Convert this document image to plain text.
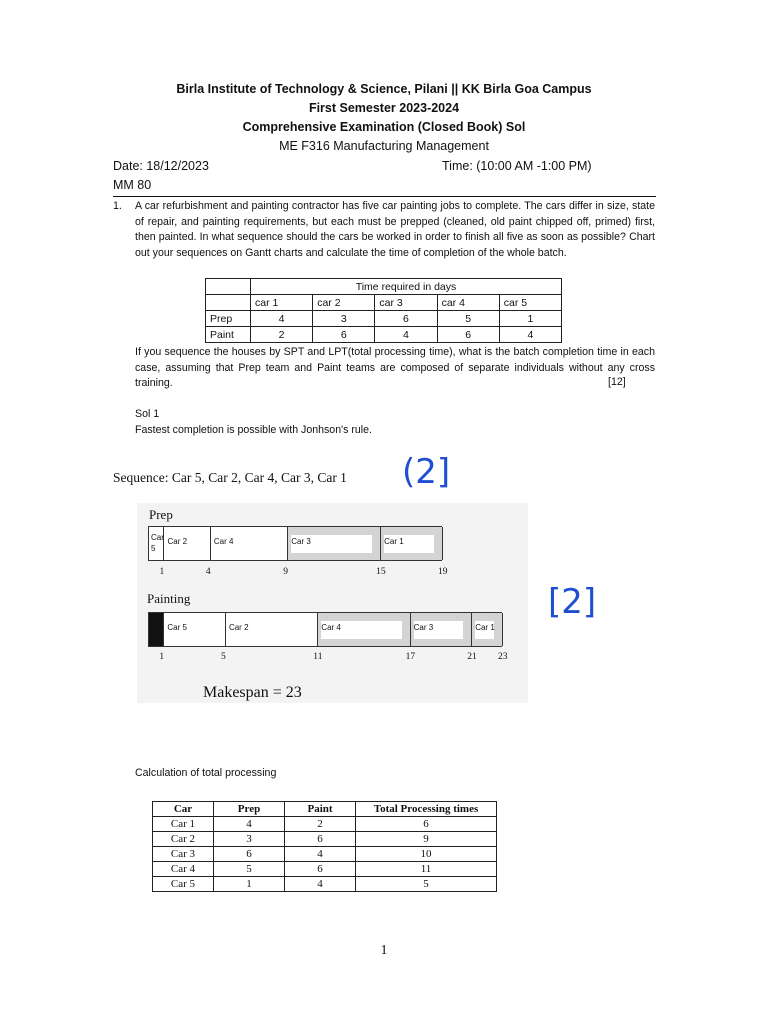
Birla Institute of Technology & Science, Pilani || KK Birla Goa Campus
First Semester 2023-2024
Comprehensive Examination (Closed Book) Sol
ME F316 Manufacturing Management
Date: 18/12/2023	Time: (10:00 AM -1:00 PM)
MM 80
1. A car refurbishment and painting contractor has five car painting jobs to complete. The cars differ in size, state of repair, and painting requirements, but each must be prepped (cleaned, old paint chipped off, primed) first, then painted. In what sequence should the cars be worked in order to finish all five as soon as possible? Chart out your sequences on Gantt charts and calculate the time of completion of the whole batch.

	Time required in days				
	car 1	car 2	car 3	car 4	car 5
Prep	4	3	6	5	1
Paint	2	6	4	6	4
If you sequence the houses by SPT and LPT(total processing time), what is the batch completion time in each case, assuming that Prep team and Paint teams are composed of separate individuals without any cross training.	[12]
Sol 1
Fastest completion is possible with Jonhson's rule.
Sequence: Car 5, Car 2, Car 4, Car 3, Car 1 (2]
[2]
Prep
Car 5
Car 2	Car 4	Car 3	Car 1
1	4	9	15	19
Painting
Car 5	Car 2	Car 4	Car 3	Car 1
1	5	11	17	21 23
Makespan = 23
Calculation of total processing
Car	Prep	Paint	Total Processing times
Car 1	4	2	6
Car 2	3	6	9
Car 3	6	4	10
Car 4	5	6	11
Car 5	1	4	5
1
